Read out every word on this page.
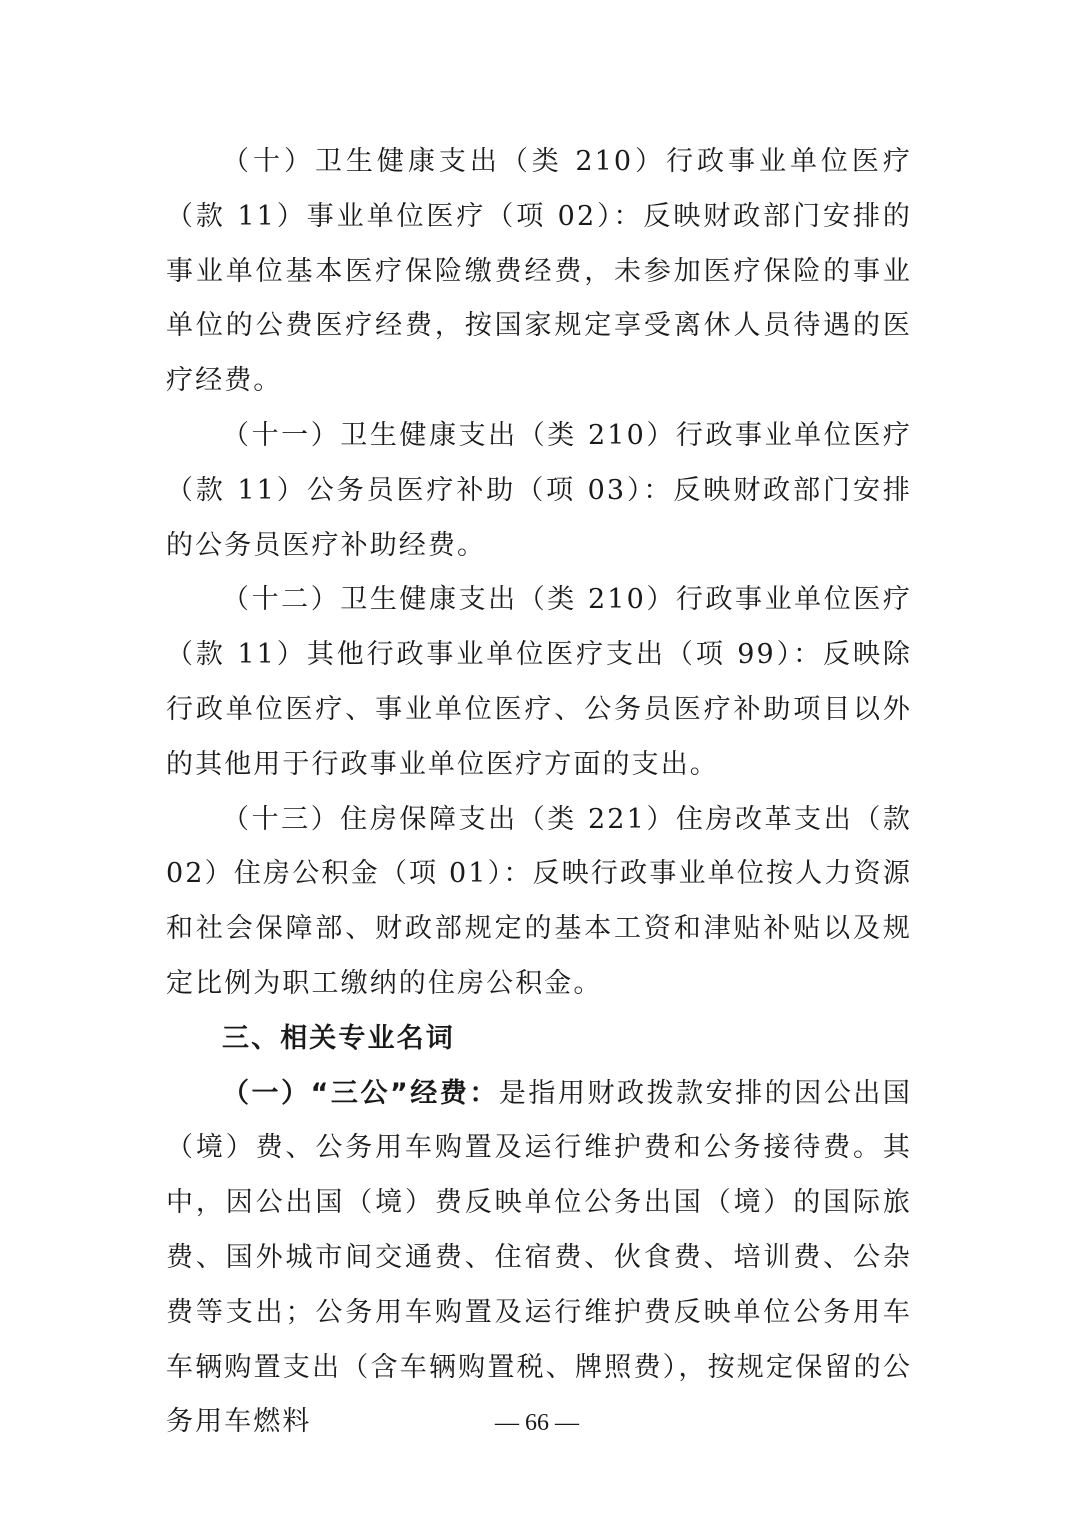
（十）卫生健康支出（类 210）行政事业单位医疗（款 11）事业单位医疗（项 02）：反映财政部门安排的事业单位基本医疗保险缴费经费，未参加医疗保险的事业单位的公费医疗经费，按国家规定享受离休人员待遇的医疗经费。

（十一）卫生健康支出（类 210）行政事业单位医疗（款 11）公务员医疗补助（项 03）：反映财政部门安排的公务员医疗补助经费。

（十二）卫生健康支出（类 210）行政事业单位医疗（款 11）其他行政事业单位医疗支出（项 99）：反映除行政单位医疗、事业单位医疗、公务员医疗补助项目以外的其他用于行政事业单位医疗方面的支出。

（十三）住房保障支出（类 221）住房改革支出（款 02）住房公积金（项 01）：反映行政事业单位按人力资源和社会保障部、财政部规定的基本工资和津贴补贴以及规定比例为职工缴纳的住房公积金。

三、相关专业名词

（一）“三公”经费：是指用财政拨款安排的因公出国（境）费、公务用车购置及运行维护费和公务接待费。其中，因公出国（境）费反映单位公务出国（境）的国际旅费、国外城市间交通费、住宿费、伙食费、培训费、公杂费等支出；公务用车购置及运行维护费反映单位公务用车车辆购置支出（含车辆购置税、牌照费），按规定保留的公务用车燃料	— 66 —
